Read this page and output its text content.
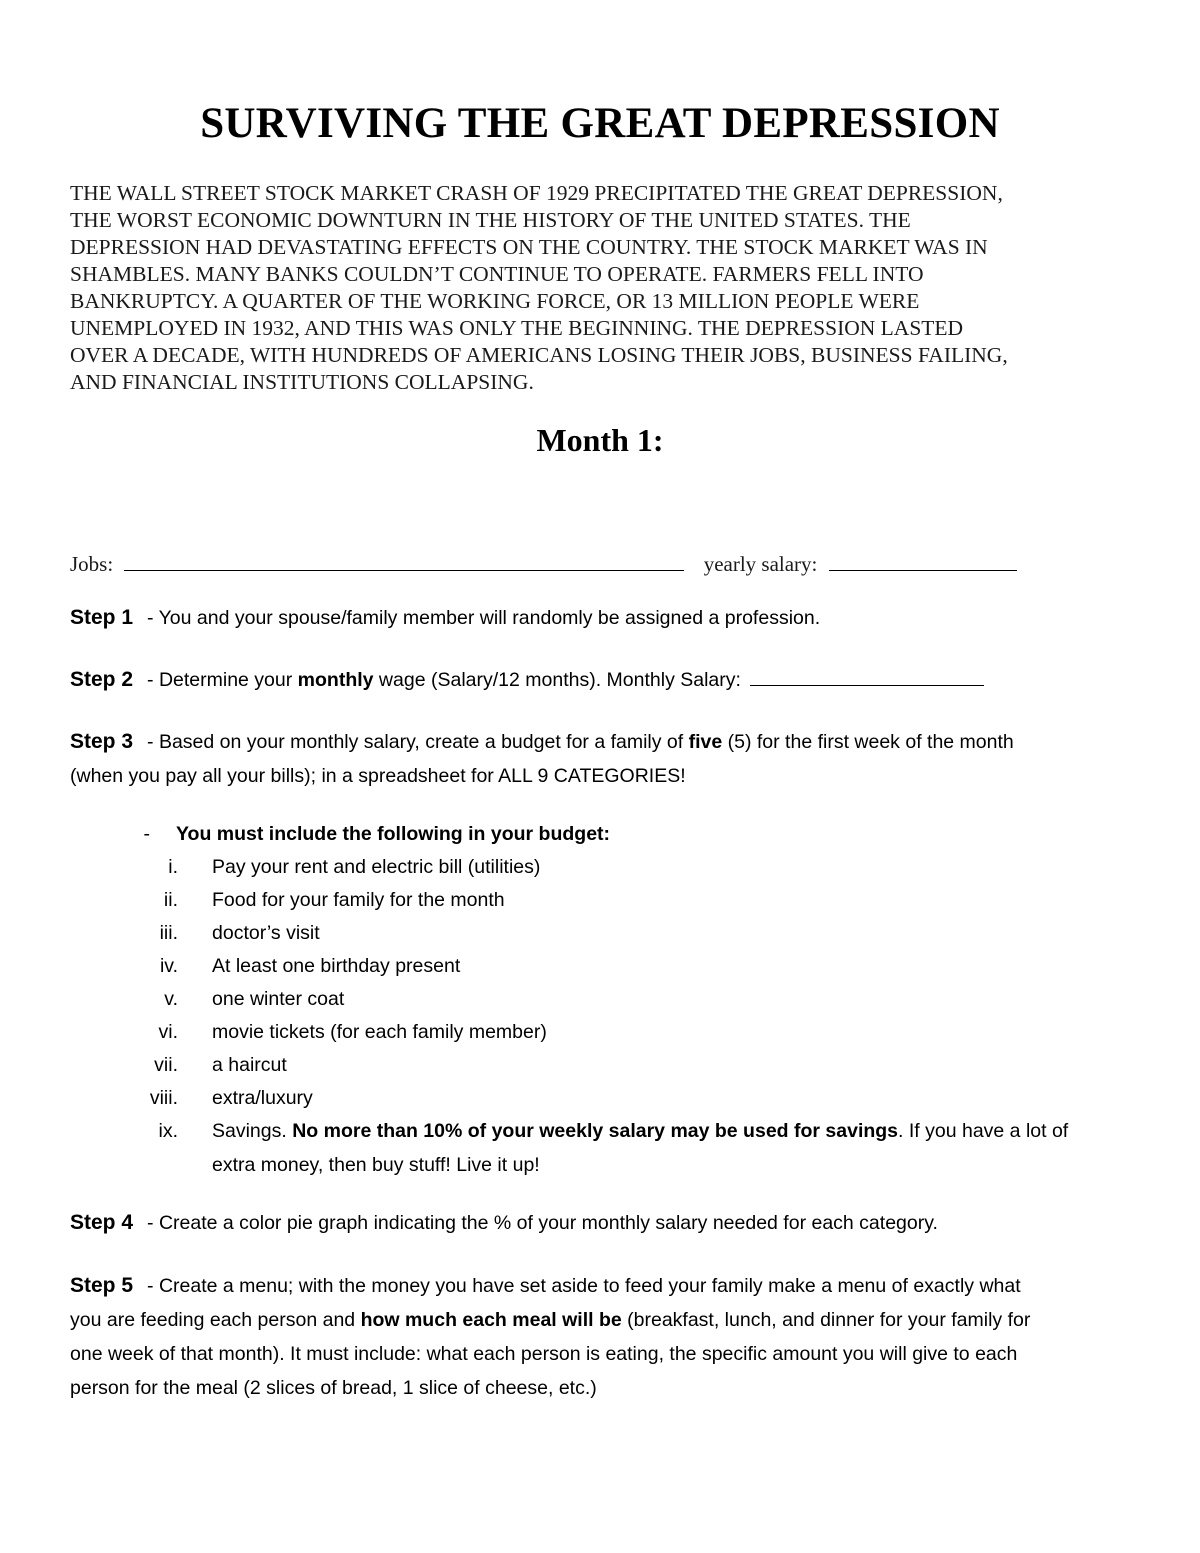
SURVIVING THE GREAT DEPRESSION
THE WALL STREET STOCK MARKET CRASH OF 1929 PRECIPITATED THE GREAT DEPRESSION,
THE WORST ECONOMIC DOWNTURN IN THE HISTORY OF THE UNITED STATES. THE
DEPRESSION HAD DEVASTATING EFFECTS ON THE COUNTRY. THE STOCK MARKET WAS IN
SHAMBLES. MANY BANKS COULDN’T CONTINUE TO OPERATE. FARMERS FELL INTO
BANKRUPTCY. A QUARTER OF THE WORKING FORCE, OR 13 MILLION PEOPLE WERE
UNEMPLOYED IN 1932, AND THIS WAS ONLY THE BEGINNING. THE DEPRESSION LASTED
OVER A DECADE, WITH HUNDREDS OF AMERICANS LOSING THEIR JOBS, BUSINESS FAILING,
AND FINANCIAL INSTITUTIONS COLLAPSING.
Month 1:
Jobs:	yearly salary:
Step 1 - You and your spouse/family member will randomly be assigned a profession.
Step 2 - Determine your monthly wage (Salary/12 months). Monthly Salary:
Step 3 - Based on your monthly salary, create a budget for a family of five (5) for the first week of the month
(when you pay all your bills); in a spreadsheet for ALL 9 CATEGORIES!
- You must include the following in your budget:
i. Pay your rent and electric bill (utilities)
ii. Food for your family for the month
iii. doctor’s visit
iv. At least one birthday present
v. one winter coat
vi. movie tickets (for each family member)
vii. a haircut
viii. extra/luxury
ix. Savings. No more than 10% of your weekly salary may be used for savings. If you have a lot of
extra money, then buy stuff! Live it up!
Step 4 - Create a color pie graph indicating the % of your monthly salary needed for each category.
Step 5 - Create a menu; with the money you have set aside to feed your family make a menu of exactly what
you are feeding each person and how much each meal will be (breakfast, lunch, and dinner for your family for
one week of that month). It must include: what each person is eating, the specific amount you will give to each
person for the meal (2 slices of bread, 1 slice of cheese, etc.)
